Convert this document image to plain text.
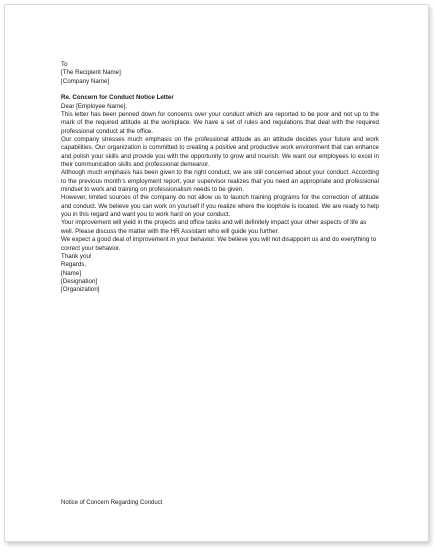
To

[The Recipient Name]

[Company Name]

Re. Concern for Conduct Notice Letter

Dear [Employee Name],

This letter has been penned down for concerns over your conduct which are reported to be poor and not up to the mark of the required attitude at the workplace. We have a set of rules and regulations that deal with the required professional conduct at the office.

Our company stresses much emphasis on the professional attitude as an attitude decides your future and work capabilities. Our organization is committed to creating a positive and productive work environment that can enhance and polish your skills and provide you with the opportunity to grow and nourish. We want our employees to excel in their communication skills and professional demeanor.

Although much emphasis has been given to the right conduct, we are still concerned about your conduct. According to the previous month’s employment report, your supervisor realizes that you need an appropriate and professional mindset to work and training on professionalism needs to be given.

However, limited sources of the company do not allow us to launch training programs for the correction of attitude and conduct. We believe you can work on yourself if you realize where the loophole is located. We are ready to help you in this regard and want you to work hard on your conduct.

Your improvement will yield in the projects and office tasks and will definitely impact your other aspects of life as well. Please discuss the matter with the HR Assistant who will guide you further.

We expect a good deal of improvement in your behavior. We believe you will not disappoint us and do everything to correct your behavior.

Thank you!

Regards,

[Name]

[Designation]

[Organization]

Notice of Concern Regarding Conduct
